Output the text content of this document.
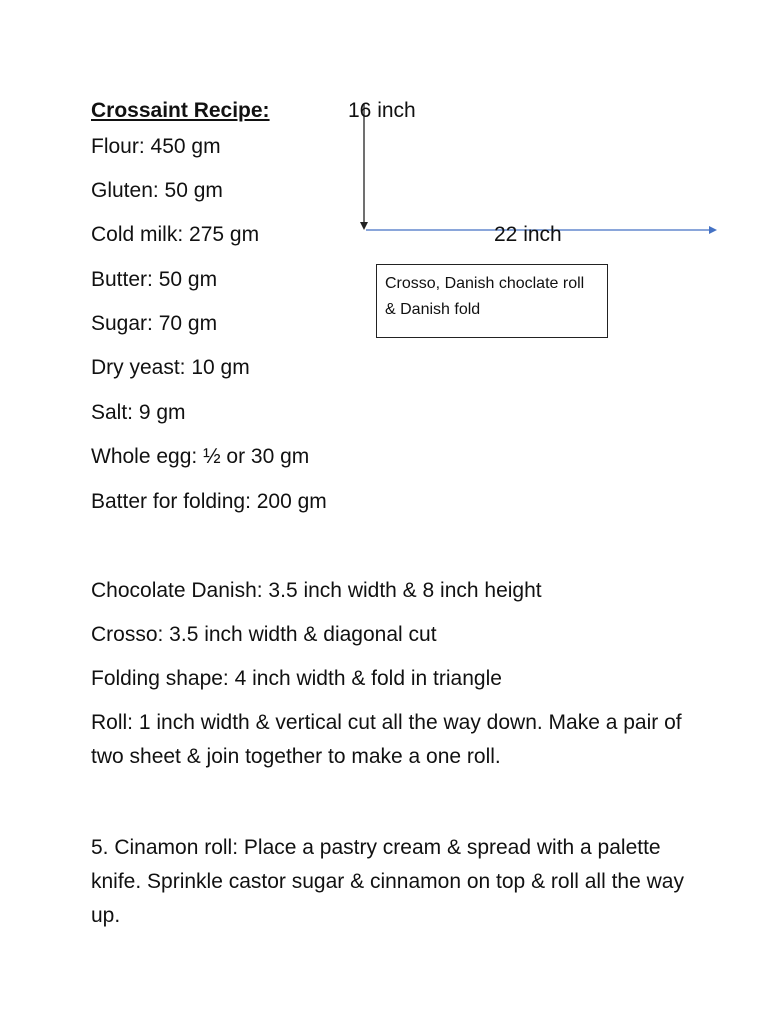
Crossaint Recipe:
Flour: 450 gm
Gluten: 50 gm
Cold milk: 275 gm
Butter: 50 gm
Sugar: 70 gm
Dry yeast: 10 gm
Salt: 9 gm
Whole egg: ½ or 30 gm
Batter for folding: 200 gm
16 inch
22 inch
Crosso, Danish choclate roll & Danish fold
Chocolate Danish: 3.5 inch width & 8 inch height
Crosso: 3.5 inch width & diagonal cut
Folding shape: 4 inch width & fold in triangle
Roll: 1 inch width & vertical cut all the way down. Make a pair of two sheet & join together to make a one roll.
5. Cinamon roll: Place a pastry cream & spread with a palette knife. Sprinkle castor sugar & cinnamon on top & roll all the way up.
